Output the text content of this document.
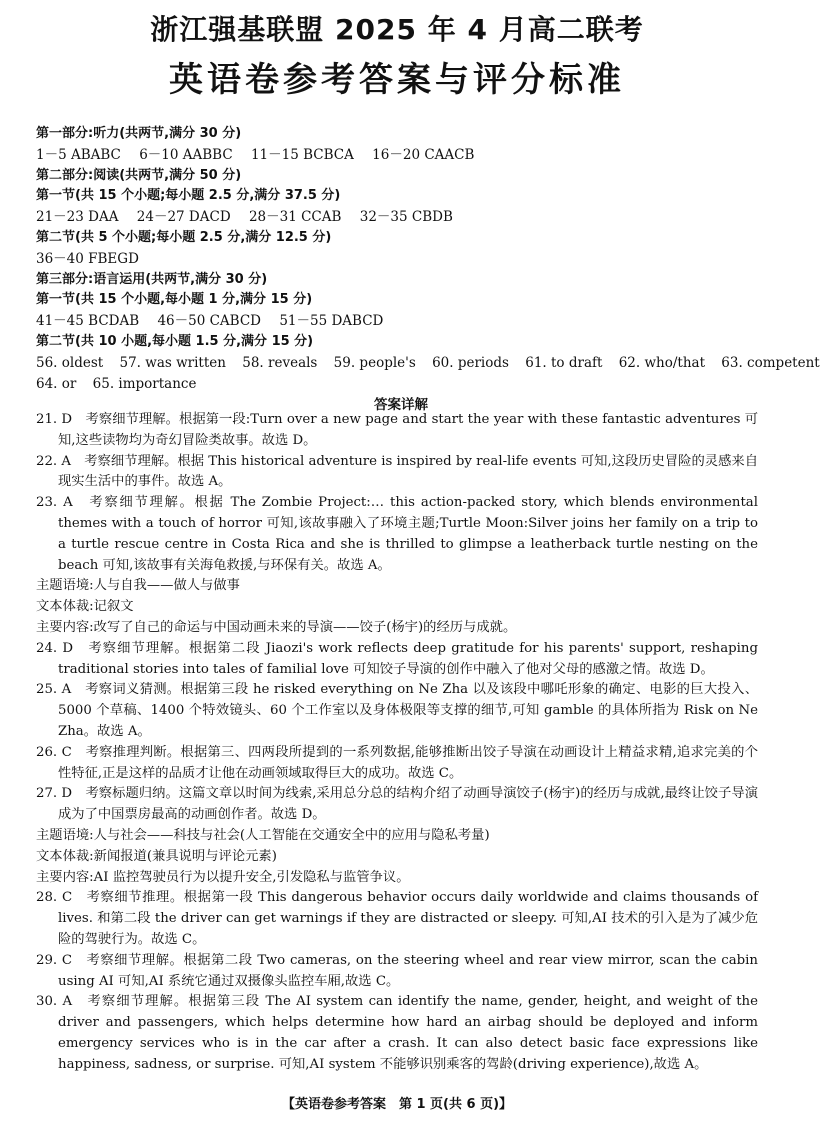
浙江强基联盟 2025 年 4 月高二联考
英语卷参考答案与评分标准
第一部分:听力(共两节,满分 30 分)
1－5 ABABC 6－10 AABBC 11－15 BCBCA 16－20 CAACB
第二部分:阅读(共两节,满分 50 分)
第一节(共 15 个小题;每小题 2.5 分,满分 37.5 分)
21－23 DAA 24－27 DACD 28－31 CCAB 32－35 CBDB
第二节(共 5 个小题;每小题 2.5 分,满分 12.5 分)
36－40 FBEGD
第三部分:语言运用(共两节,满分 30 分)
第一节(共 15 个小题,每小题 1 分,满分 15 分)
41－45 BCDAB 46－50 CABCD 51－55 DABCD
第二节(共 10 小题,每小题 1.5 分,满分 15 分)
56. oldest 57. was written 58. reveals 59. people's 60. periods 61. to draft 62. who/that 63. competent
64. or 65. importance
答案详解
21. D　考察细节理解。根据第一段:Turn over a new page and start the year with these fantastic adventures 可知,这些读物均为奇幻冒险类故事。故选 D。
22. A　考察细节理解。根据 This historical adventure is inspired by real-life events 可知,这段历史冒险的灵感来自现实生活中的事件。故选 A。
23. A　考察细节理解。根据 The Zombie Project:… this action-packed story, which blends environmental themes with a touch of horror 可知,该故事融入了环境主题;Turtle Moon:Silver joins her family on a trip to a turtle rescue centre in Costa Rica and she is thrilled to glimpse a leatherback turtle nesting on the beach 可知,该故事有关海龟救援,与环保有关。故选 A。
主题语境:人与自我——做人与做事
文本体裁:记叙文
主要内容:改写了自己的命运与中国动画未来的导演——饺子(杨宇)的经历与成就。
24. D　考察细节理解。根据第二段 Jiaozi's work reflects deep gratitude for his parents' support, reshaping traditional stories into tales of familial love 可知饺子导演的创作中融入了他对父母的感激之情。故选 D。
25. A　考察词义猜测。根据第三段 he risked everything on Ne Zha 以及该段中哪吒形象的确定、电影的巨大投入、5000 个草稿、1400 个特效镜头、60 个工作室以及身体极限等支撑的细节,可知 gamble 的具体所指为 Risk on Ne Zha。故选 A。
26. C　考察推理判断。根据第三、四两段所提到的一系列数据,能够推断出饺子导演在动画设计上精益求精,追求完美的个性特征,正是这样的品质才让他在动画领域取得巨大的成功。故选 C。
27. D　考察标题归纳。这篇文章以时间为线索,采用总分总的结构介绍了动画导演饺子(杨宇)的经历与成就,最终让饺子导演成为了中国票房最高的动画创作者。故选 D。
主题语境:人与社会——科技与社会(人工智能在交通安全中的应用与隐私考量)
文本体裁:新闻报道(兼具说明与评论元素)
主要内容:AI 监控驾驶员行为以提升安全,引发隐私与监管争议。
28. C　考察细节推理。根据第一段 This dangerous behavior occurs daily worldwide and claims thousands of lives. 和第二段 the driver can get warnings if they are distracted or sleepy. 可知,AI 技术的引入是为了减少危险的驾驶行为。故选 C。
29. C　考察细节理解。根据第二段 Two cameras, on the steering wheel and rear view mirror, scan the cabin using AI 可知,AI 系统它通过双摄像头监控车厢,故选 C。
30. A　考察细节理解。根据第三段 The AI system can identify the name, gender, height, and weight of the driver and passengers, which helps determine how hard an airbag should be deployed and inform emergency services who is in the car after a crash. It can also detect basic face expressions like happiness, sadness, or surprise. 可知,AI system 不能够识别乘客的驾龄(driving experience),故选 A。
【英语卷参考答案　第 1 页(共 6 页)】
